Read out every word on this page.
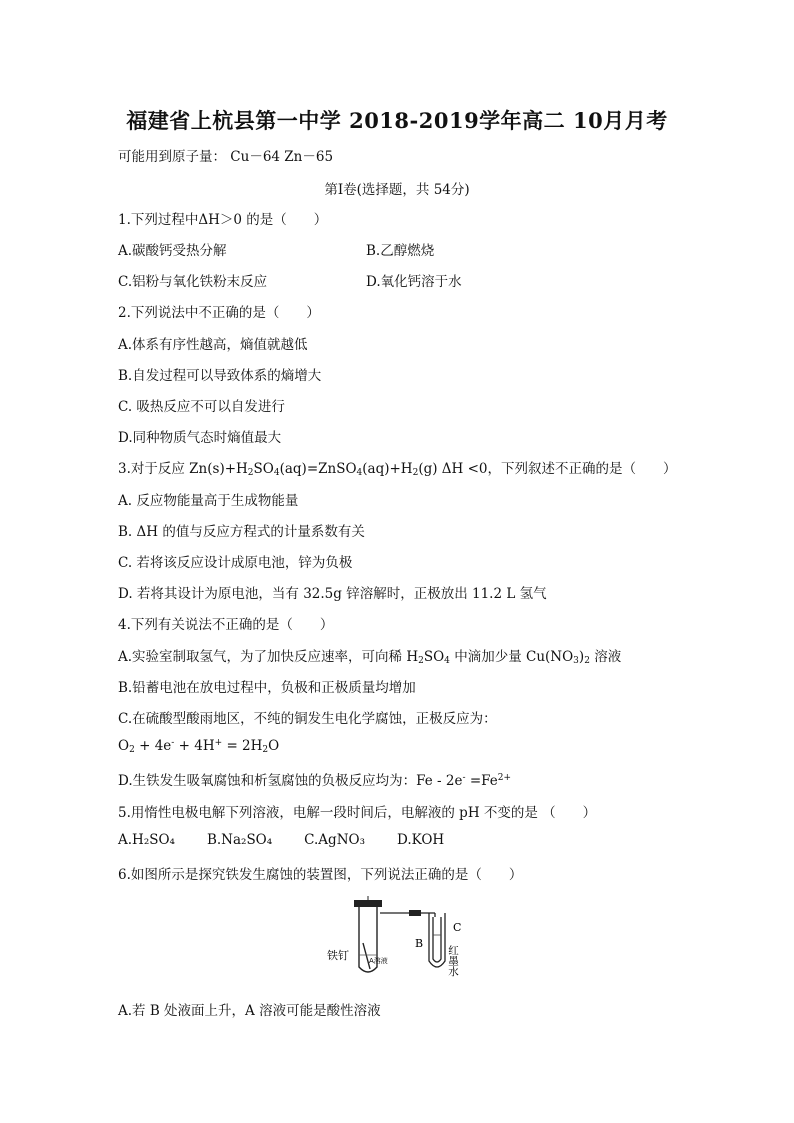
福建省上杭县第一中学 2018-2019学年高二 10月月考
可能用到原子量： Cu－64 Zn－65
第Ⅰ卷(选择题，共 54分)
1.下列过程中ΔH＞0 的是（　　）
A.碳酸钙受热分解	B.乙醇燃烧
C.铝粉与氧化铁粉末反应	D.氧化钙溶于水
2.下列说法中不正确的是（　　）
A.体系有序性越高，熵值就越低
B.自发过程可以导致体系的熵增大
C. 吸热反应不可以自发进行
D.同种物质气态时熵值最大
3.对于反应 $Zn(s)+H_2SO_4(aq)=ZnSO_4(aq)+H_2(g)$ ΔH <0，下列叙述不正确的是（　　）
A. 反应物能量高于生成物能量
B. ΔH 的值与反应方程式的计量系数有关
C. 若将该反应设计成原电池，锌为负极
D. 若将其设计为原电池，当有 32.5g 锌溶解时，正极放出 11.2 L 氢气
4.下列有关说法不正确的是（　　）
A.实验室制取氢气，为了加快反应速率，可向稀 $H_2SO_4$ 中滴加少量 $Cu(NO_3)_2$ 溶液
B.铅蓄电池在放电过程中，负极和正极质量均增加
C.在硫酸型酸雨地区，不纯的铜发生电化学腐蚀，正极反应为：
$O_2 + 4e^- + 4H^+ = 2H_2O$
D.生铁发生吸氧腐蚀和析氢腐蚀的负极反应均为：$Fe - 2e^- =Fe^{2+}$
5.用惰性电极电解下列溶液，电解一段时间后，电解液的 pH 不变的是 （　　）
A.H₂SO₄ B.Na₂SO₄ C.AgNO₃ D.KOH
6.如图所示是探究铁发生腐蚀的装置图，下列说法正确的是（　　）
铁钉	A溶液
B
C
红墨水
A.若 B 处液面上升，A 溶液可能是酸性溶液
